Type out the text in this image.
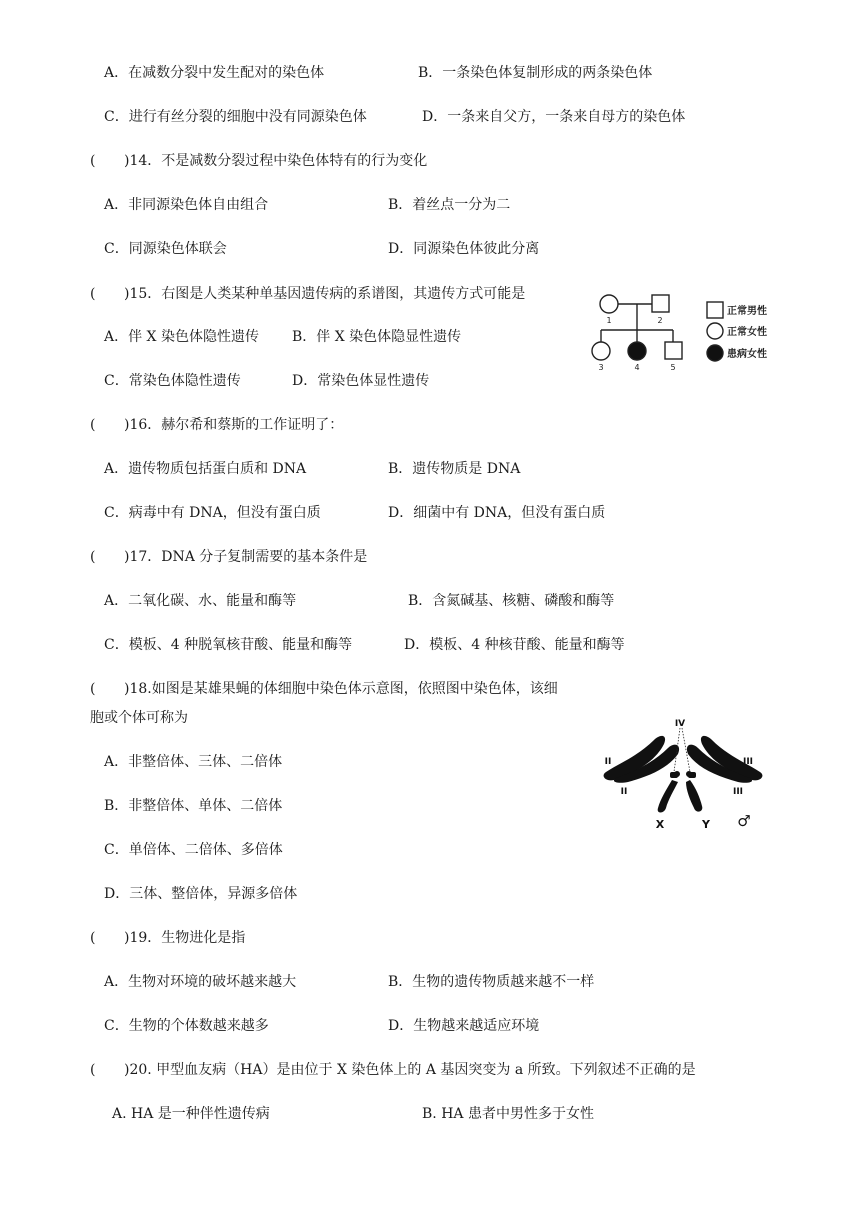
A．在减数分裂中发生配对的染色体	B．一条染色体复制形成的两条染色体
C．进行有丝分裂的细胞中没有同源染色体	D．一条来自父方，一条来自母方的染色体
( )14．不是减数分裂过程中染色体特有的行为变化
A．非同源染色体自由组合	B．着丝点一分为二
C．同源染色体联会	D．同源染色体彼此分离
( )15．右图是人类某种单基因遗传病的系谱图，其遗传方式可能是
A．伴 X 染色体隐性遗传 B．伴 X 染色体隐显性遗传
C．常染色体隐性遗传	D．常染色体显性遗传
1	2
3	4	5
正常男性
正常女性
患病女性
( )16．赫尔希和蔡斯的工作证明了：
A．遗传物质包括蛋白质和 DNA	B．遗传物质是 DNA
C．病毒中有 DNA，但没有蛋白质	D．细菌中有 DNA，但没有蛋白质
( )17．DNA 分子复制需要的基本条件是
A．二氧化碳、水、能量和酶等	B．含氮碱基、核糖、磷酸和酶等
C．模板、4 种脱氧核苷酸、能量和酶等	D．模板、4 种核苷酸、能量和酶等
( )18.如图是某雄果蝇的体细胞中染色体示意图，依照图中染色体，该细
胞或个体可称为
A．非整倍体、三体、二倍体
B．非整倍体、单体、二倍体
C．单倍体、二倍体、多倍体
D．三体、整倍体，异源多倍体
IV
II	III
II	III
X	Y ♂
( )19．生物进化是指
A．生物对环境的破坏越来越大	B．生物的遗传物质越来越不一样
C．生物的个体数越来越多	D．生物越来越适应环境
( )20. 甲型血友病（HA）是由位于 X 染色体上的 A 基因突变为 a 所致。下列叙述不正确的是
A. HA 是一种伴性遗传病	B. HA 患者中男性多于女性
